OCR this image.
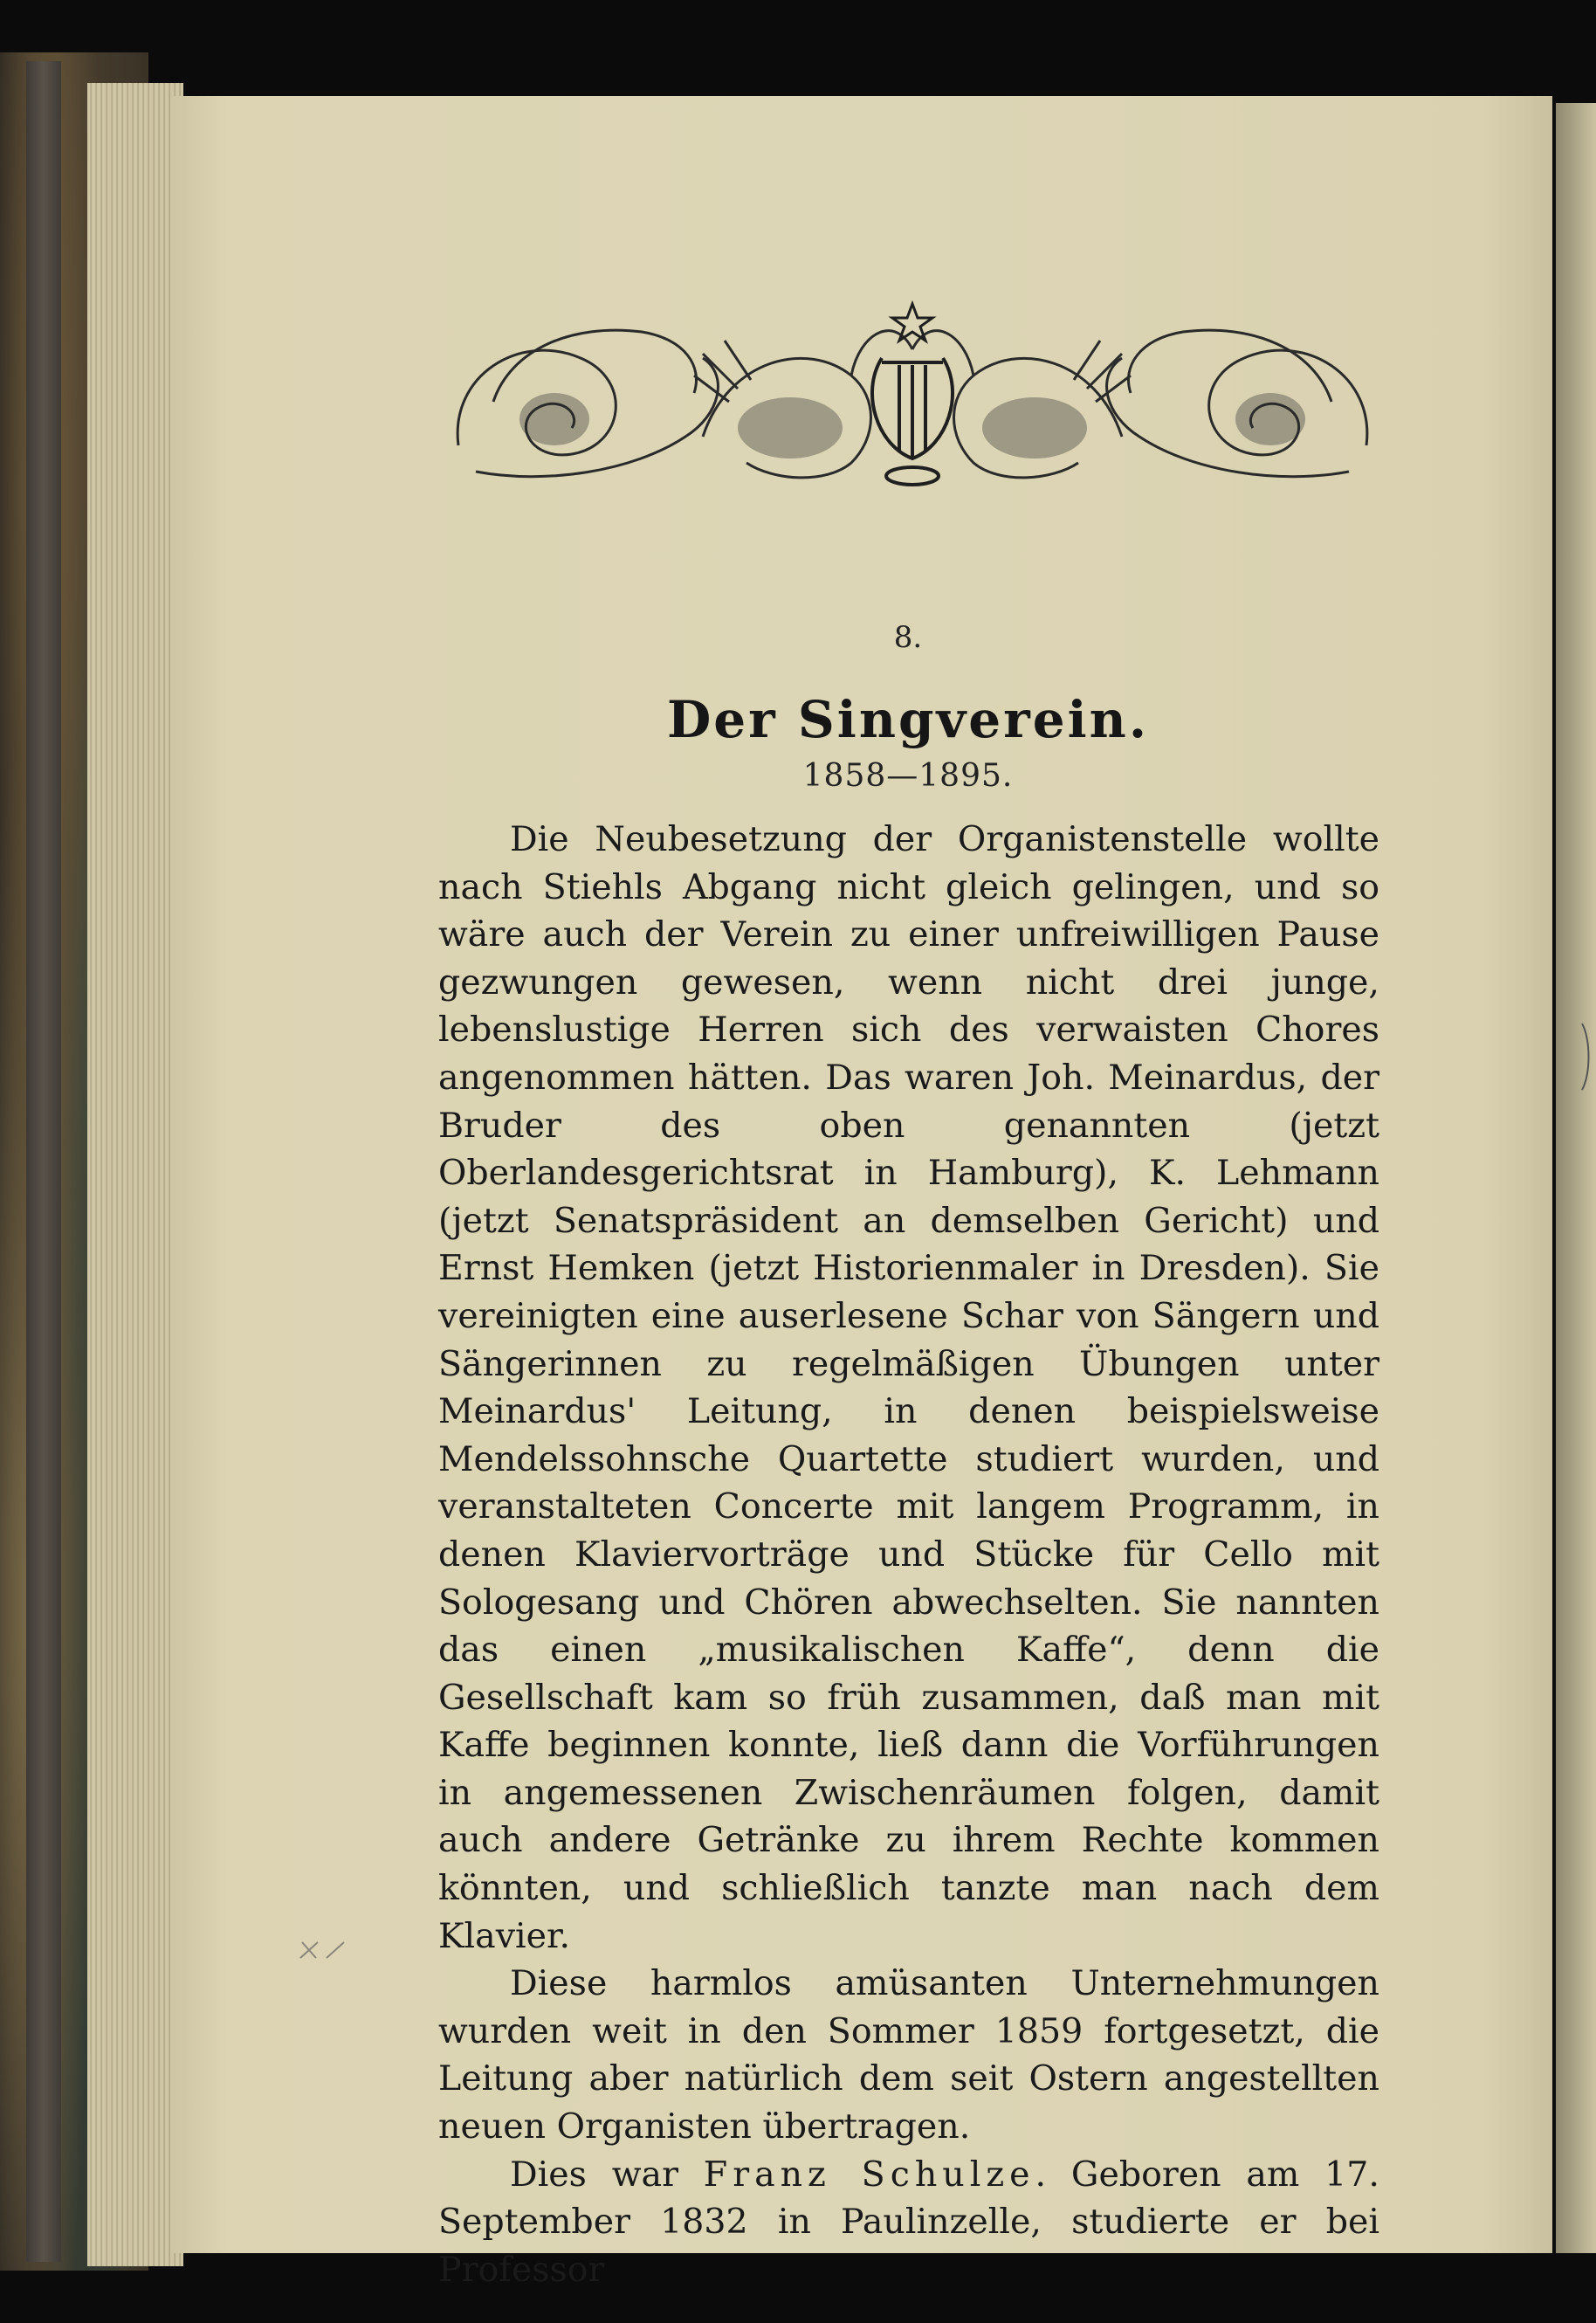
8.
Der Singverein.
1858—1895.

Die Neubesetzung der Organistenstelle wollte nach Stiehls Abgang nicht gleich gelingen, und so wäre auch der Verein zu einer unfreiwilligen Pause gezwungen gewesen, wenn nicht drei junge, lebenslustige Herren sich des verwaisten Chores angenommen hätten. Das waren Joh. Meinardus, der Bruder des oben genannten (jetzt Oberlandesgerichtsrat in Hamburg), K. Lehmann (jetzt Senatspräsident an demselben Gericht) und Ernst Hemken (jetzt Historienmaler in Dresden). Sie vereinigten eine auserlesene Schar von Sängern und Sängerinnen zu regelmäßigen Übungen unter Meinardus' Leitung, in denen beispielsweise Mendelssohnsche Quartette studiert wurden, und veranstalteten Concerte mit langem Programm, in denen Klaviervorträge und Stücke für Cello mit Sologesang und Chören abwechselten. Sie nannten das einen „musikalischen Kaffe“, denn die Gesellschaft kam so früh zusammen, daß man mit Kaffe beginnen konnte, ließ dann die Vorführungen in angemessenen Zwischenräumen folgen, damit auch andere Getränke zu ihrem Rechte kommen könnten, und schließlich tanzte man nach dem Klavier.

Diese harmlos amüsanten Unternehmungen wurden weit in den Sommer 1859 fortgesetzt, die Leitung aber natürlich dem seit Ostern angestellten neuen Organisten übertragen.

Dies war Franz Schulze. Geboren am 17. September 1832 in Paulinzelle, studierte er bei Professor
